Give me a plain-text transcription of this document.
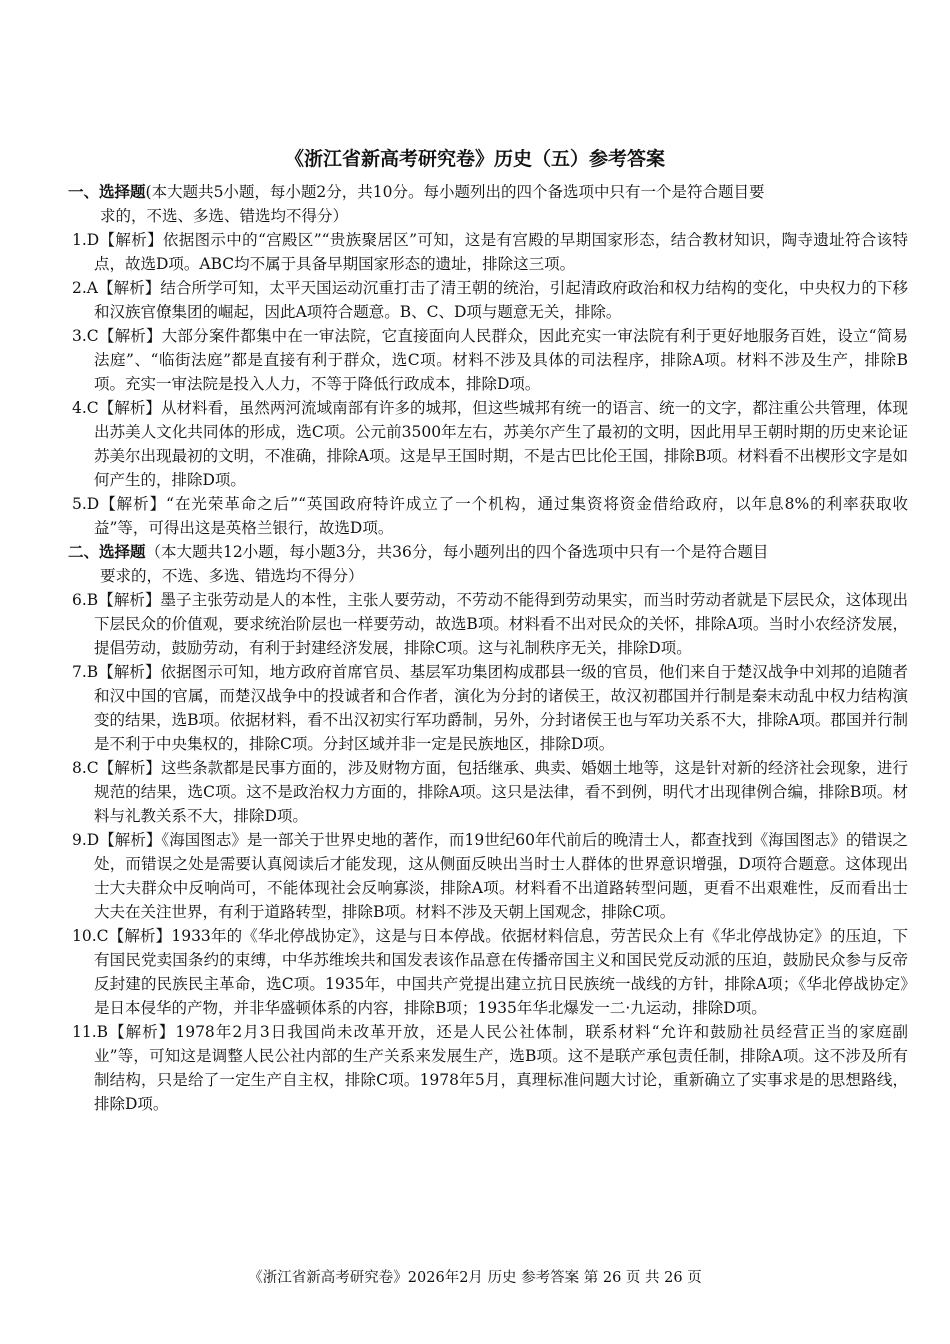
《浙江省新高考研究卷》历史（五）参考答案
一、选择题(本大题共5小题，每小题2分，共10分。每小题列出的四个备选项中只有一个是符合题目要
求的，不选、多选、错选均不得分）

1.D【解析】依据图示中的“宫殿区”“贵族聚居区”可知，这是有宫殿的早期国家形态，结合教材知识，陶寺遗址符合该特点，故选D项。ABC均不属于具备早期国家形态的遗址，排除这三项。

2.A【解析】结合所学可知，太平天国运动沉重打击了清王朝的统治，引起清政府政治和权力结构的变化，中央权力的下移和汉族官僚集团的崛起，因此A项符合题意。B、C、D项与题意无关，排除。

3.C【解析】大部分案件都集中在一审法院，它直接面向人民群众，因此充实一审法院有利于更好地服务百姓，设立“简易法庭”、“临街法庭”都是直接有利于群众，选C项。材料不涉及具体的司法程序，排除A项。材料不涉及生产，排除B项。充实一审法院是投入人力，不等于降低行政成本，排除D项。

4.C【解析】从材料看，虽然两河流域南部有许多的城邦，但这些城邦有统一的语言、统一的文字，都注重公共管理，体现出苏美人文化共同体的形成，选C项。公元前3500年左右，苏美尔产生了最初的文明，因此用早王朝时期的历史来论证苏美尔出现最初的文明，不准确，排除A项。这是早王国时期，不是古巴比伦王国，排除B项。材料看不出楔形文字是如何产生的，排除D项。

5.D【解析】“在光荣革命之后”“英国政府特许成立了一个机构，通过集资将资金借给政府，以年息8%的利率获取收益”等，可得出这是英格兰银行，故选D项。

二、选择题（本大题共12小题，每小题3分，共36分，每小题列出的四个备选项中只有一个是符合题目
要求的，不选、多选、错选均不得分）

6.B【解析】墨子主张劳动是人的本性，主张人要劳动，不劳动不能得到劳动果实，而当时劳动者就是下层民众，这体现出下层民众的价值观，要求统治阶层也一样要劳动，故选B项。材料看不出对民众的关怀，排除A项。当时小农经济发展，提倡劳动，鼓励劳动，有利于封建经济发展，排除C项。这与礼制秩序无关，排除D项。

7.B【解析】依据图示可知，地方政府首席官员、基层军功集团构成郡县一级的官员，他们来自于楚汉战争中刘邦的追随者和汉中国的官属，而楚汉战争中的投诚者和合作者，演化为分封的诸侯王，故汉初郡国并行制是秦末动乱中权力结构演变的结果，选B项。依据材料，看不出汉初实行军功爵制，另外，分封诸侯王也与军功关系不大，排除A项。郡国并行制是不利于中央集权的，排除C项。分封区域并非一定是民族地区，排除D项。

8.C【解析】这些条款都是民事方面的，涉及财物方面，包括继承、典卖、婚姻土地等，这是针对新的经济社会现象，进行规范的结果，选C项。这不是政治权力方面的，排除A项。这只是法律，看不到例，明代才出现律例合编，排除B项。材料与礼教关系不大，排除D项。

9.D【解析】《海国图志》是一部关于世界史地的著作，而19世纪60年代前后的晚清士人，都查找到《海国图志》的错误之处，而错误之处是需要认真阅读后才能发现，这从侧面反映出当时士人群体的世界意识增强，D项符合题意。这体现出士大夫群众中反响尚可，不能体现社会反响寡淡，排除A项。材料看不出道路转型问题，更看不出艰难性，反而看出士大夫在关注世界，有利于道路转型，排除B项。材料不涉及天朝上国观念，排除C项。

10.C【解析】1933年的《华北停战协定》，这是与日本停战。依据材料信息，劳苦民众上有《华北停战协定》的压迫，下有国民党卖国条约的束缚，中华苏维埃共和国发表该作品意在传播帝国主义和国民党反动派的压迫，鼓励民众参与反帝反封建的民族民主革命，选C项。1935年，中国共产党提出建立抗日民族统一战线的方针，排除A项；《华北停战协定》是日本侵华的产物，并非华盛顿体系的内容，排除B项；1935年华北爆发一二·九运动，排除D项。

11.B【解析】1978年2月3日我国尚未改革开放，还是人民公社体制，联系材料“允许和鼓励社员经营正当的家庭副业”等，可知这是调整人民公社内部的生产关系来发展生产，选B项。这不是联产承包责任制，排除A项。这不涉及所有制结构，只是给了一定生产自主权，排除C项。1978年5月，真理标准问题大讨论，重新确立了实事求是的思想路线，排除D项。

《浙江省新高考研究卷》2026年2月 历史 参考答案 第 26 页 共 26 页
